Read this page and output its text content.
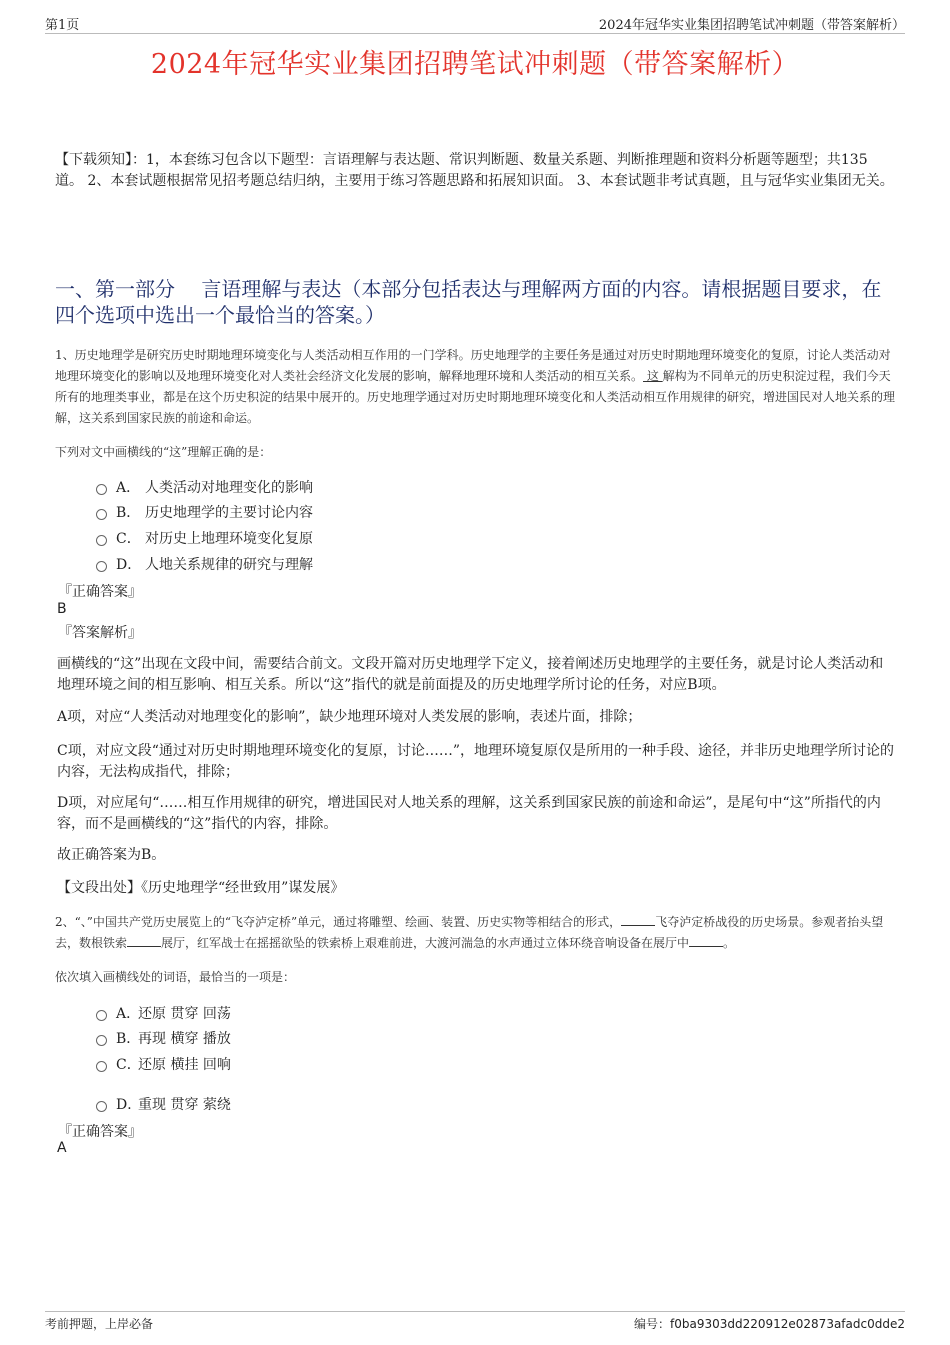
第1页	2024年冠华实业集团招聘笔试冲刺题（带答案解析）
2024年冠华实业集团招聘笔试冲刺题（带答案解析）
【下载须知】：1，本套练习包含以下题型：言语理解与表达题、常识判断题、数量关系题、判断推理题和资料分析题等题型；共135道。 2、本套试题根据常见招考题总结归纳，主要用于练习答题思路和拓展知识面。 3、本套试题非考试真题，且与冠华实业集团无关。
一、第一部分　 言语理解与表达（本部分包括表达与理解两方面的内容。请根据题目要求，在四个选项中选出一个最恰当的答案。）
1、历史地理学是研究历史时期地理环境变化与人类活动相互作用的一门学科。历史地理学的主要任务是通过对历史时期地理环境变化的复原，讨论人类活动对地理环境变化的影响以及地理环境变化对人类社会经济文化发展的影响，解释地理环境和人类活动的相互关系。 这 解构为不同单元的历史积淀过程，我们今天所有的地理类事业，都是在这个历史积淀的结果中展开的。历史地理学通过对历史时期地理环境变化和人类活动相互作用规律的研究，增进国民对人地关系的理解，这关系到国家民族的前途和命运。
下列对文中画横线的“这”理解正确的是：
A． 人类活动对地理变化的影响
B． 历史地理学的主要讨论内容
C． 对历史上地理环境变化复原
D． 人地关系规律的研究与理解
『正确答案』
B
『答案解析』
画横线的“这”出现在文段中间，需要结合前文。文段开篇对历史地理学下定义，接着阐述历史地理学的主要任务，就是讨论人类活动和地理环境之间的相互影响、相互关系。所以“这”指代的就是前面提及的历史地理学所讨论的任务，对应B项。
A项，对应“人类活动对地理变化的影响”，缺少地理环境对人类发展的影响，表述片面，排除；
C项，对应文段“通过对历史时期地理环境变化的复原，讨论……”，地理环境复原仅是所用的一种手段、途径，并非历史地理学所讨论的内容，无法构成指代，排除；
D项，对应尾句“……相互作用规律的研究，增进国民对人地关系的理解，这关系到国家民族的前途和命运”，是尾句中“这”所指代的内容，而不是画横线的“这”指代的内容，排除。
故正确答案为B。
【文段出处】《历史地理学“经世致用”谋发展》
2、“、”中国共产党历史展览上的“飞夺泸定桥”单元，通过将雕塑、绘画、装置、历史实物等相结合的形式，	飞夺泸定桥战役的历史场景。参观者抬头望去，数根铁索	展厅，红军战士在摇摇欲坠的铁索桥上艰难前进，大渡河湍急的水声通过立体环绕音响设备在展厅中	。
依次填入画横线处的词语，最恰当的一项是：
A．
还原 贯穿 回荡
B．
再现 横穿 播放
C．
还原 横挂 回响
D．
重现 贯穿 萦绕
『正确答案』
A
考前押题，上岸必备	编号：f0ba9303dd220912e02873afadc0dde2
